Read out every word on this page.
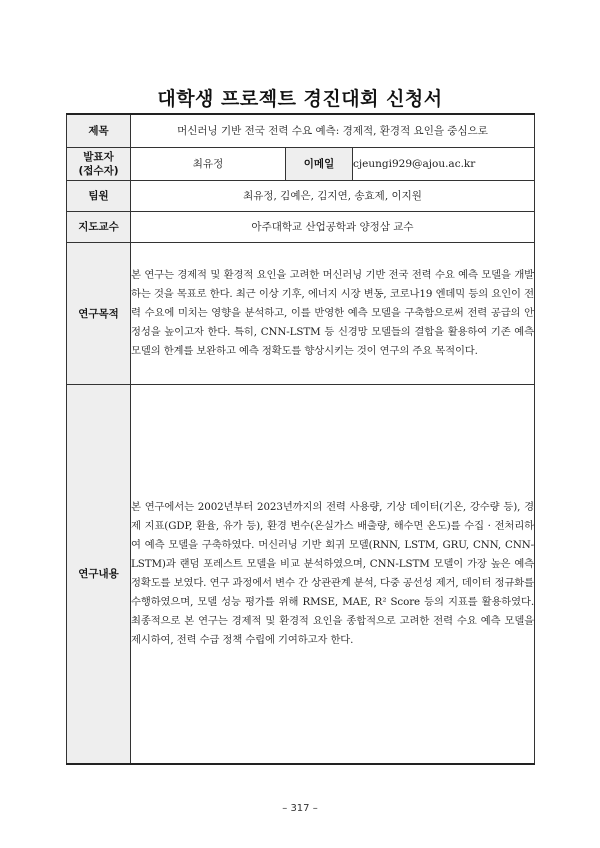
대학생 프로젝트 경진대회 신청서
제목	머신러닝 기반 전국 전력 수요 예측: 경제적, 환경적 요인을 중심으로		

발표자
(접수자)	최유정	이메일	cjeungi929@ajou.ac.kr
팀원	최유정, 김예은, 김지연, 송효제, 이지원		
지도교수	아주대학교 산업공학과 양정삼 교수		
연구목적	본 연구는 경제적 및 환경적 요인을 고려한 머신러닝 기반 전국 전력 수요 예측 모델을 개발하는 것을 목표로 한다. 최근 이상 기후, 에너지 시장 변동, 코로나19 엔데믹 등의 요인이 전력 수요에 미치는 영향을 분석하고, 이를 반영한 예측 모델을 구축함으로써 전력 공급의 안정성을 높이고자 한다. 특히, CNN-LSTM 등 신경망 모델들의 결합을 활용하여 기존 예측 모델의 한계를 보완하고 예측 정확도를 향상시키는 것이 연구의 주요 목적이다.		

연구내용	본 연구에서는 2002년부터 2023년까지의 전력 사용량, 기상 데이터(기온, 강수량 등), 경제 지표(GDP, 환율, 유가 등), 환경 변수(온실가스 배출량, 해수면 온도)를 수집 · 전처리하여 예측 모델을 구축하였다. 머신러닝 기반 회귀 모델(RNN, LSTM, GRU, CNN, CNN-LSTM)과 랜덤 포레스트 모델을 비교 분석하였으며, CNN-LSTM 모델이 가장 높은 예측 정확도를 보였다. 연구 과정에서 변수 간 상관관계 분석, 다중 공선성 제거, 데이터 정규화를 수행하였으며, 모델 성능 평가를 위해 RMSE, MAE, R² Score 등의 지표를 활용하였다. 최종적으로 본 연구는 경제적 및 환경적 요인을 종합적으로 고려한 전력 수요 예측 모델을 제시하여, 전력 수급 정책 수립에 기여하고자 한다.		

– 317 –
